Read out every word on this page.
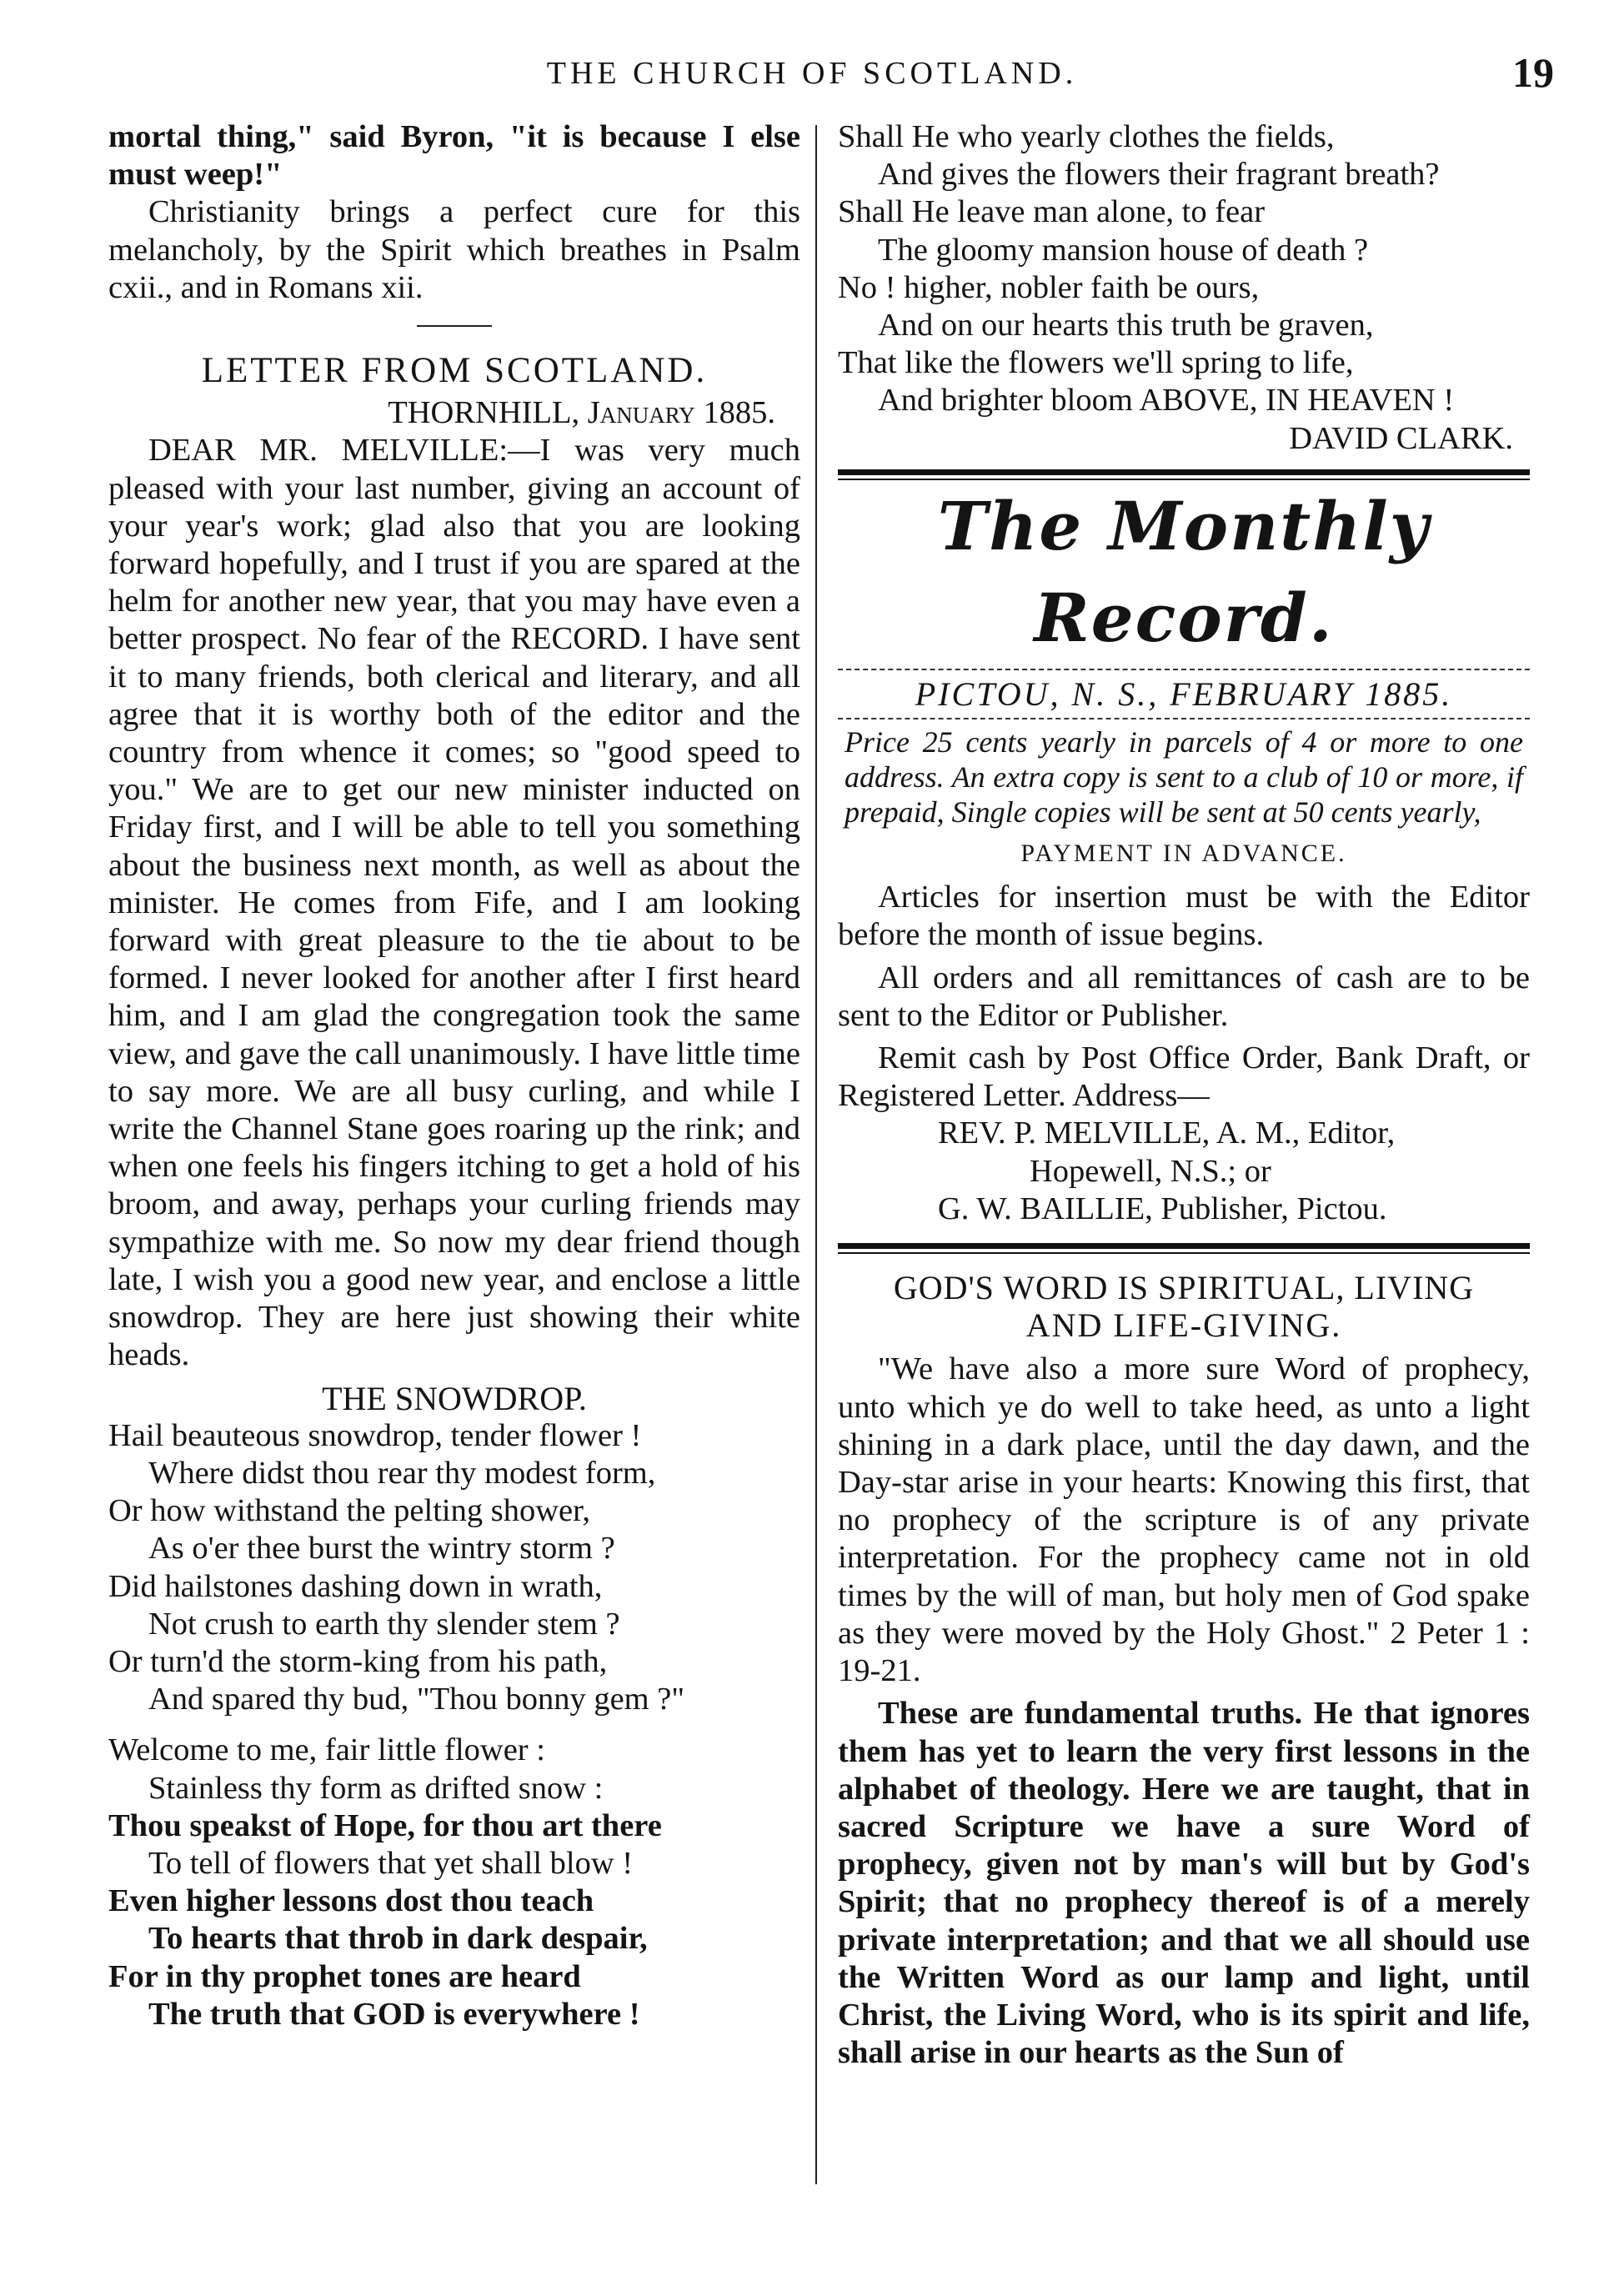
THE CHURCH OF SCOTLAND.	19

mortal thing," said Byron, "it is because I else must weep!"

Christianity brings a perfect cure for this melancholy, by the Spirit which breathes in Psalm cxii., and in Romans xii.

LETTER FROM SCOTLAND.

THORNHILL, January 1885.

DEAR MR. MELVILLE:—I was very much pleased with your last number, giving an account of your year's work; glad also that you are looking forward hopefully, and I trust if you are spared at the helm for another new year, that you may have even a better prospect. No fear of the RECORD. I have sent it to many friends, both clerical and literary, and all agree that it is worthy both of the editor and the country from whence it comes; so "good speed to you." We are to get our new minister inducted on Friday first, and I will be able to tell you something about the business next month, as well as about the minister. He comes from Fife, and I am looking forward with great pleasure to the tie about to be formed. I never looked for another after I first heard him, and I am glad the congregation took the same view, and gave the call unanimously. I have little time to say more. We are all busy curling, and while I write the Channel Stane goes roaring up the rink; and when one feels his fingers itching to get a hold of his broom, and away, perhaps your curling friends may sympathize with me. So now my dear friend though late, I wish you a good new year, and enclose a little snowdrop. They are here just showing their white heads.

THE SNOWDROP.
Hail beauteous snowdrop, tender flower !
Where didst thou rear thy modest form,
Or how withstand the pelting shower,
As o'er thee burst the wintry storm ?
Did hailstones dashing down in wrath,
Not crush to earth thy slender stem ?
Or turn'd the storm-king from his path,
And spared thy bud, "Thou bonny gem ?"
Welcome to me, fair little flower :
Stainless thy form as drifted snow :
Thou speakst of Hope, for thou art there
To tell of flowers that yet shall blow !
Even higher lessons dost thou teach
To hearts that throb in dark despair,
For in thy prophet tones are heard
The truth that GOD is everywhere !
Shall He who yearly clothes the fields,
And gives the flowers their fragrant breath?
Shall He leave man alone, to fear
The gloomy mansion house of death ?
No ! higher, nobler faith be ours,
And on our hearts this truth be graven,
That like the flowers we'll spring to life,
And brighter bloom ABOVE, IN HEAVEN !

DAVID CLARK.

The Monthly Record.
PICTOU, N. S., FEBRUARY 1885.

Price 25 cents yearly in parcels of 4 or more to one address. An extra copy is sent to a club of 10 or more, if prepaid, Single copies will be sent at 50 cents yearly,

PAYMENT IN ADVANCE.

Articles for insertion must be with the Editor before the month of issue begins.

All orders and all remittances of cash are to be sent to the Editor or Publisher.

Remit cash by Post Office Order, Bank Draft, or Registered Letter. Address—

REV. P. MELVILLE, A. M., Editor,

Hopewell, N.S.; or

G. W. BAILLIE, Publisher, Pictou.

GOD'S WORD IS SPIRITUAL, LIVING
AND LIFE-GIVING.

"We have also a more sure Word of prophecy, unto which ye do well to take heed, as unto a light shining in a dark place, until the day dawn, and the Day-star arise in your hearts: Knowing this first, that no prophecy of the scripture is of any private interpretation. For the prophecy came not in old times by the will of man, but holy men of God spake as they were moved by the Holy Ghost." 2 Peter 1 : 19-21.

These are fundamental truths. He that ignores them has yet to learn the very first lessons in the alphabet of theology. Here we are taught, that in sacred Scripture we have a sure Word of prophecy, given not by man's will but by God's Spirit; that no prophecy thereof is of a merely private interpretation; and that we all should use the Written Word as our lamp and light, until Christ, the Living Word, who is its spirit and life, shall arise in our hearts as the Sun of
